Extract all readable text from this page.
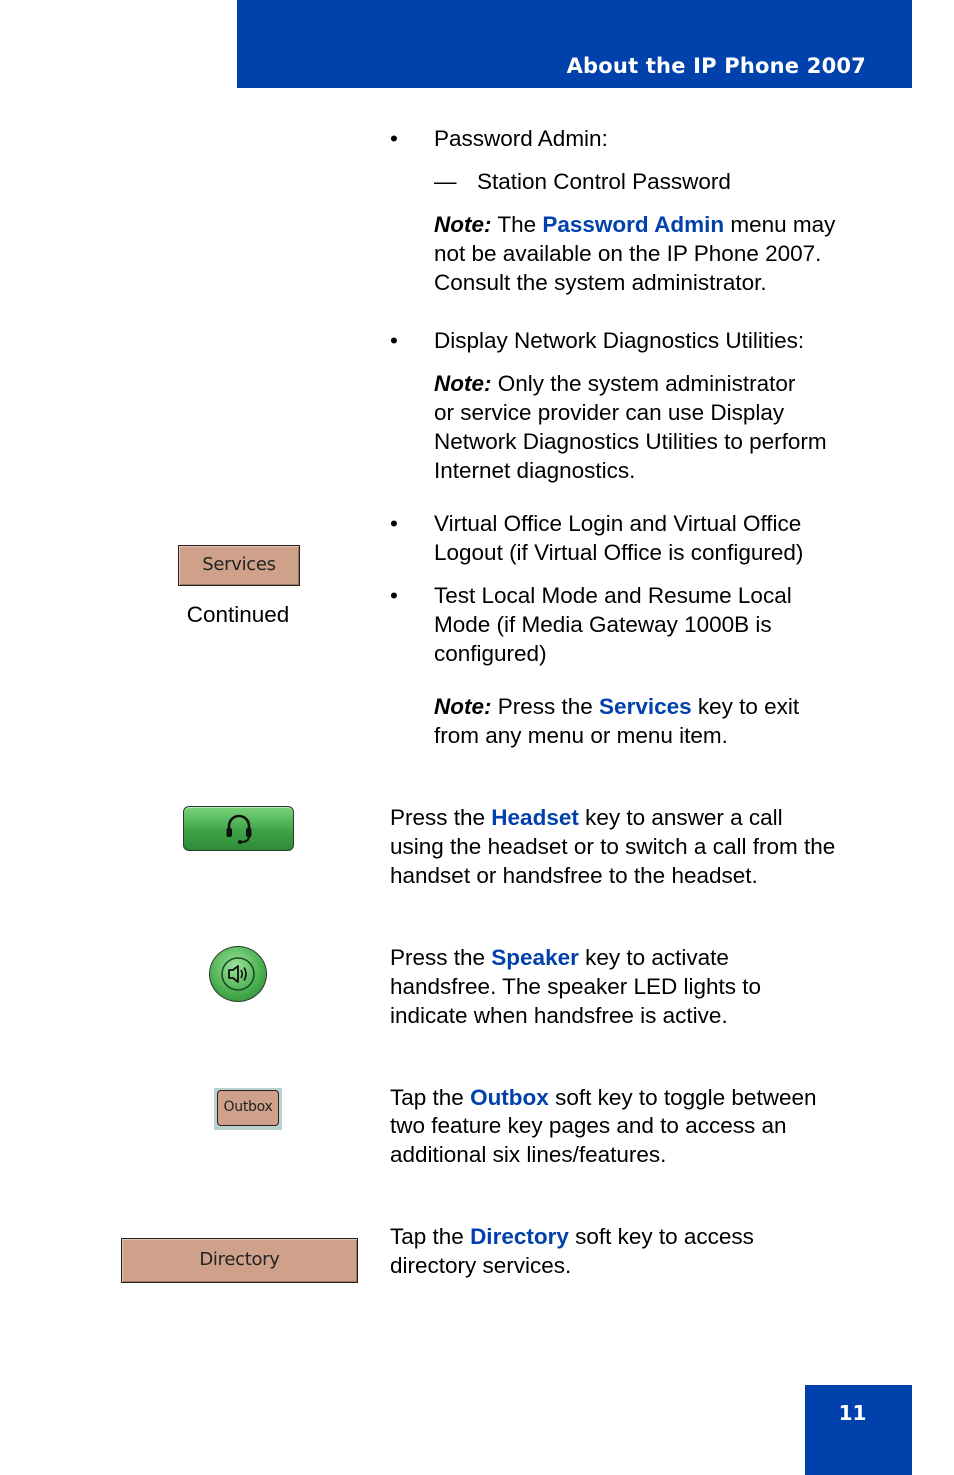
About the IP Phone 2007
Services
Continued
• Password Admin:
— Station Control Password
Note: The Password Admin menu may
not be available on the IP Phone 2007.
Consult the system administrator.
• Display Network Diagnostics Utilities:
Note: Only the system administrator
or service provider can use Display
Network Diagnostics Utilities to perform
Internet diagnostics.
• Virtual Office Login and Virtual Office
Logout (if Virtual Office is configured)
• Test Local Mode and Resume Local
Mode (if Media Gateway 1000B is
configured)
Note: Press the Services key to exit
from any menu or menu item.
Press the Headset key to answer a call
using the headset or to switch a call from the
handset or handsfree to the headset.
Press the Speaker key to activate
handsfree. The speaker LED lights to
indicate when handsfree is active.
Outbox	Tap the Outbox soft key to toggle between
two feature key pages and to access an
additional six lines/features.
Directory
Tap the Directory soft key to access
directory services.
11
